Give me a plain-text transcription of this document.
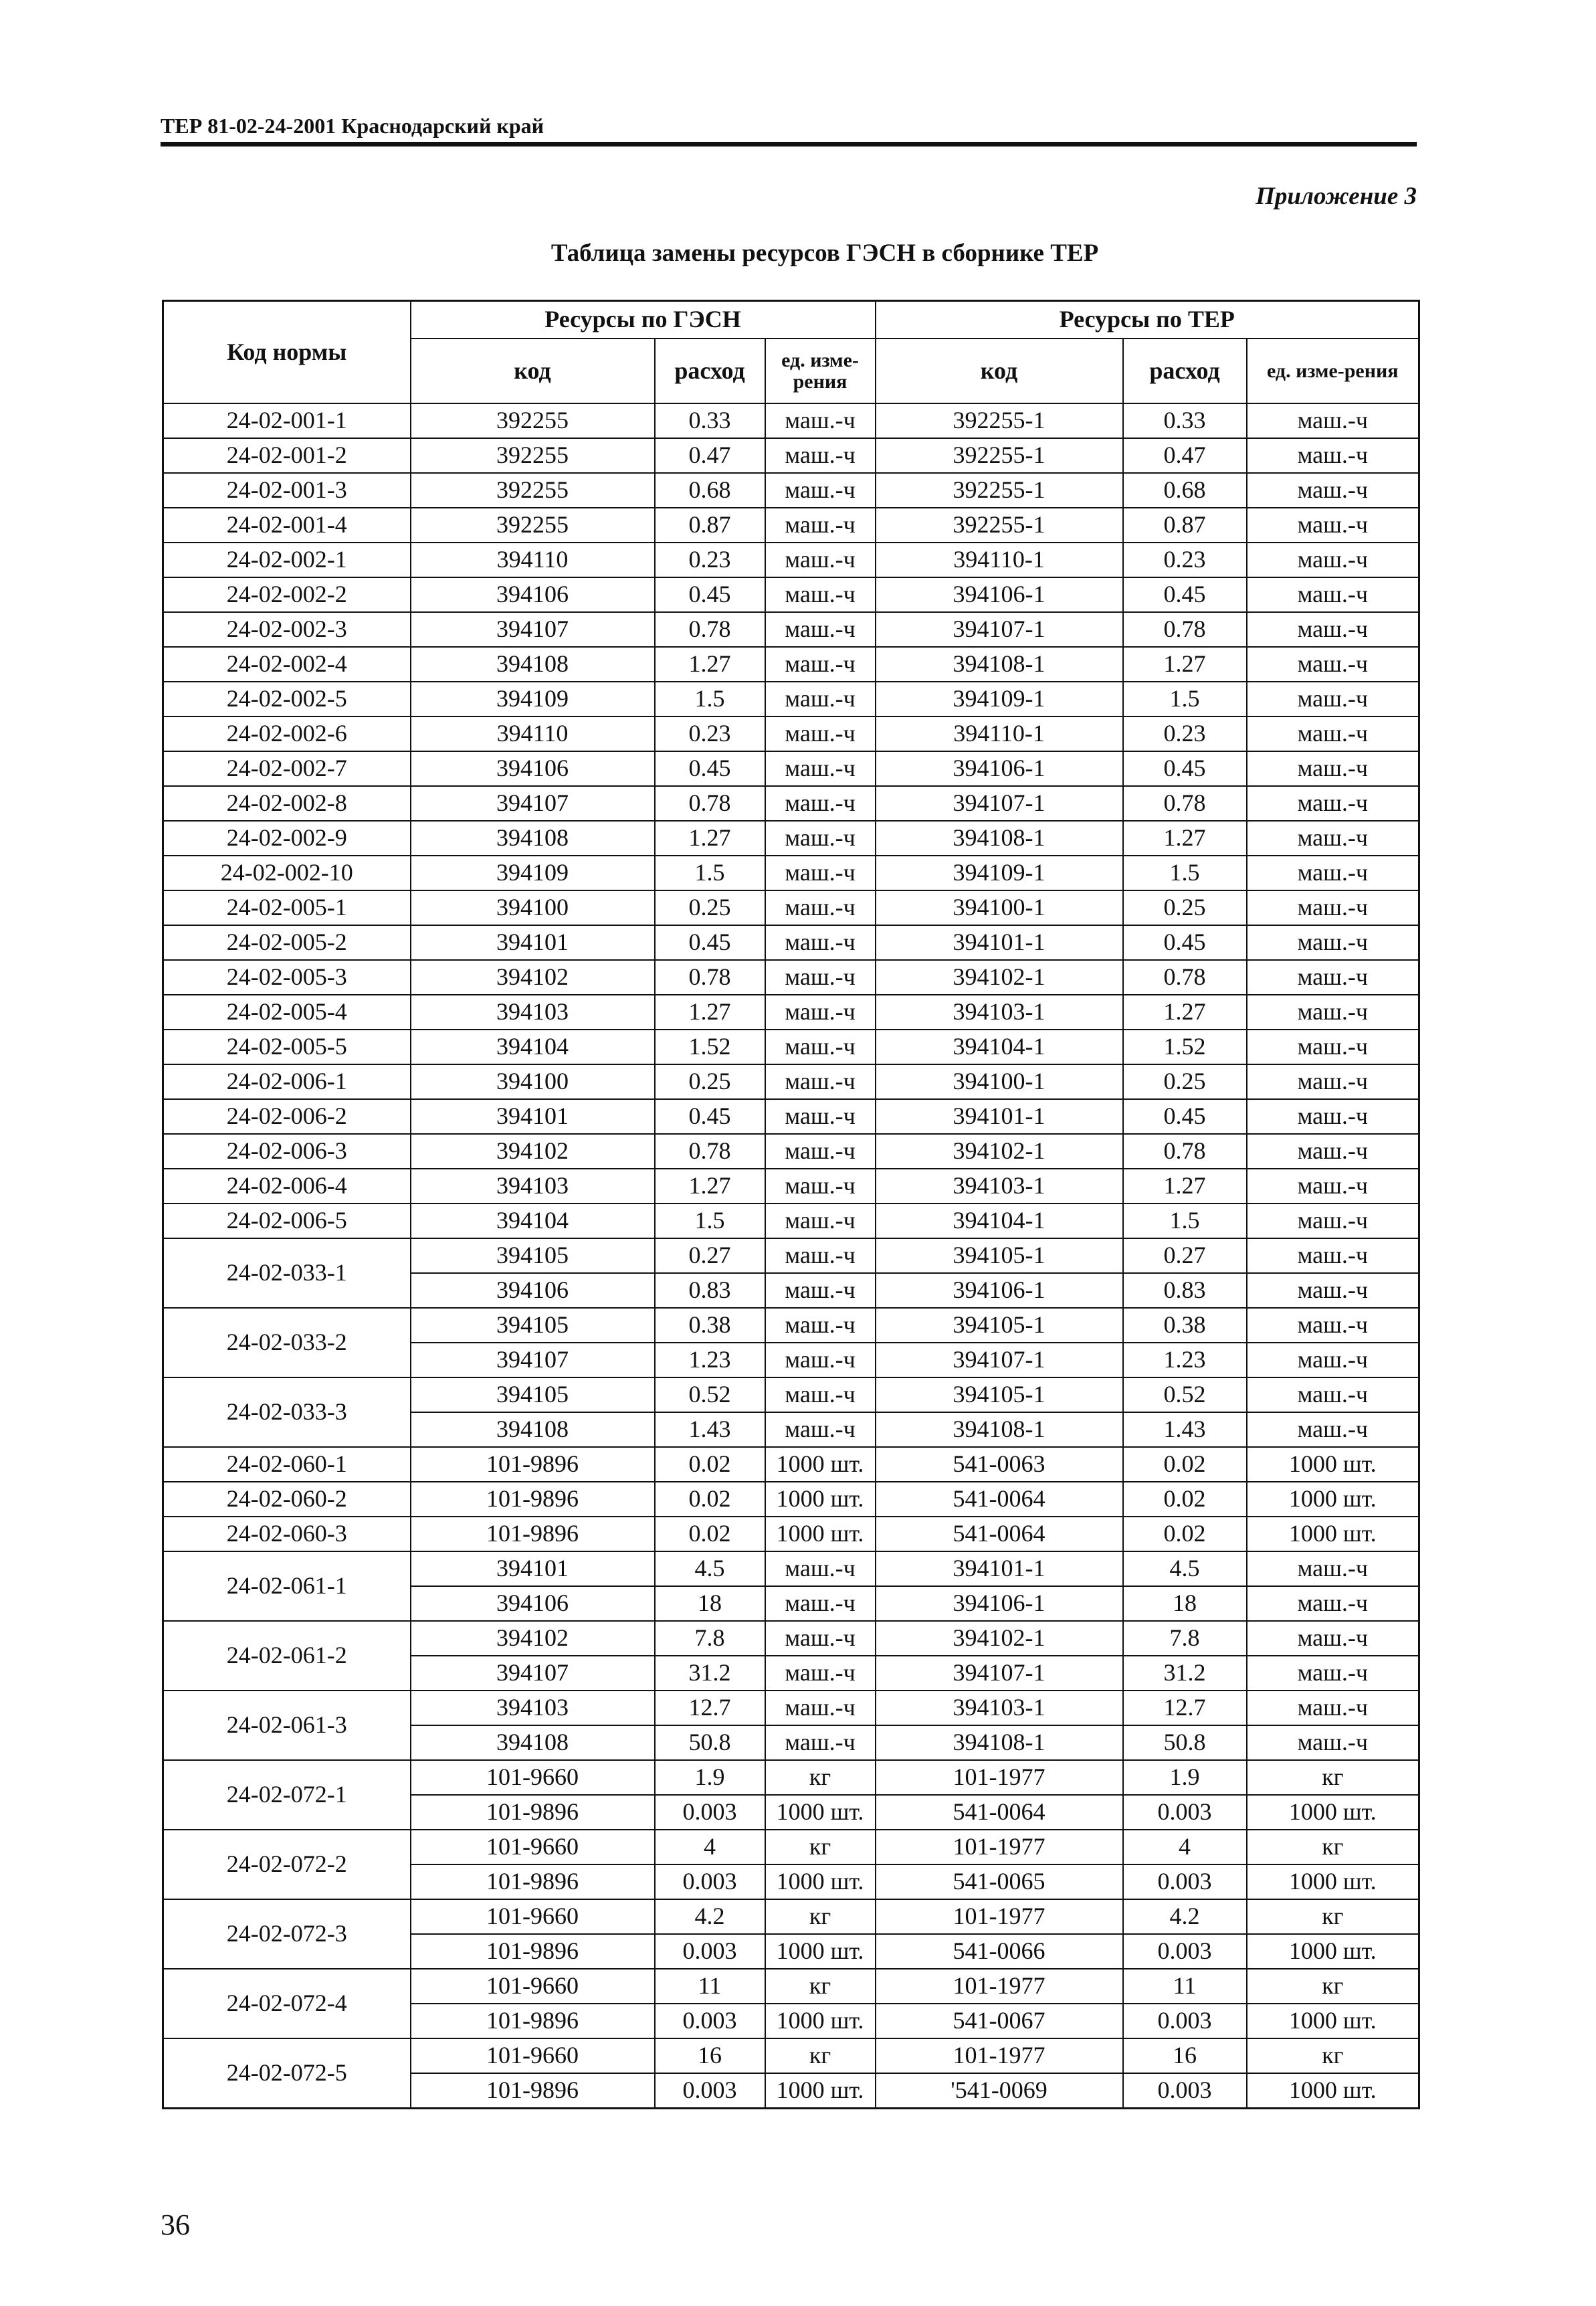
ТЕР 81-02-24-2001 Краснодарский край
Приложение 3
Таблица замены ресурсов ГЭСН в сборнике ТЕР
Код нормы	Ресурсы по ГЭСН			Ресурсы по ТЕР		
	код	расход	ед. изме-рения	код	расход	ед. изме-рения
24-02-001-1	392255	0.33	маш.-ч	392255-1	0.33	маш.-ч
24-02-001-2	392255	0.47	маш.-ч	392255-1	0.47	маш.-ч
24-02-001-3	392255	0.68	маш.-ч	392255-1	0.68	маш.-ч
24-02-001-4	392255	0.87	маш.-ч	392255-1	0.87	маш.-ч
24-02-002-1	394110	0.23	маш.-ч	394110-1	0.23	маш.-ч
24-02-002-2	394106	0.45	маш.-ч	394106-1	0.45	маш.-ч
24-02-002-3	394107	0.78	маш.-ч	394107-1	0.78	маш.-ч
24-02-002-4	394108	1.27	маш.-ч	394108-1	1.27	маш.-ч
24-02-002-5	394109	1.5	маш.-ч	394109-1	1.5	маш.-ч
24-02-002-6	394110	0.23	маш.-ч	394110-1	0.23	маш.-ч
24-02-002-7	394106	0.45	маш.-ч	394106-1	0.45	маш.-ч
24-02-002-8	394107	0.78	маш.-ч	394107-1	0.78	маш.-ч
24-02-002-9	394108	1.27	маш.-ч	394108-1	1.27	маш.-ч
24-02-002-10	394109	1.5	маш.-ч	394109-1	1.5	маш.-ч
24-02-005-1	394100	0.25	маш.-ч	394100-1	0.25	маш.-ч
24-02-005-2	394101	0.45	маш.-ч	394101-1	0.45	маш.-ч
24-02-005-3	394102	0.78	маш.-ч	394102-1	0.78	маш.-ч
24-02-005-4	394103	1.27	маш.-ч	394103-1	1.27	маш.-ч
24-02-005-5	394104	1.52	маш.-ч	394104-1	1.52	маш.-ч
24-02-006-1	394100	0.25	маш.-ч	394100-1	0.25	маш.-ч
24-02-006-2	394101	0.45	маш.-ч	394101-1	0.45	маш.-ч
24-02-006-3	394102	0.78	маш.-ч	394102-1	0.78	маш.-ч
24-02-006-4	394103	1.27	маш.-ч	394103-1	1.27	маш.-ч
24-02-006-5	394104	1.5	маш.-ч	394104-1	1.5	маш.-ч
24-02-033-1	394105	0.27	маш.-ч	394105-1	0.27	маш.-ч
	394106	0.83	маш.-ч	394106-1	0.83	маш.-ч
24-02-033-2	394105	0.38	маш.-ч	394105-1	0.38	маш.-ч
	394107	1.23	маш.-ч	394107-1	1.23	маш.-ч
24-02-033-3	394105	0.52	маш.-ч	394105-1	0.52	маш.-ч
	394108	1.43	маш.-ч	394108-1	1.43	маш.-ч
24-02-060-1	101-9896	0.02	1000 шт.	541-0063	0.02	1000 шт.
24-02-060-2	101-9896	0.02	1000 шт.	541-0064	0.02	1000 шт.
24-02-060-3	101-9896	0.02	1000 шт.	541-0064	0.02	1000 шт.
24-02-061-1	394101	4.5	маш.-ч	394101-1	4.5	маш.-ч
	394106	18	маш.-ч	394106-1	18	маш.-ч
24-02-061-2	394102	7.8	маш.-ч	394102-1	7.8	маш.-ч
	394107	31.2	маш.-ч	394107-1	31.2	маш.-ч
24-02-061-3	394103	12.7	маш.-ч	394103-1	12.7	маш.-ч
	394108	50.8	маш.-ч	394108-1	50.8	маш.-ч
24-02-072-1	101-9660	1.9	кг	101-1977	1.9	кг
	101-9896	0.003	1000 шт.	541-0064	0.003	1000 шт.
24-02-072-2	101-9660	4	кг	101-1977	4	кг
	101-9896	0.003	1000 шт.	541-0065	0.003	1000 шт.
24-02-072-3	101-9660	4.2	кг	101-1977	4.2	кг
	101-9896	0.003	1000 шт.	541-0066	0.003	1000 шт.
24-02-072-4	101-9660	11	кг	101-1977	11	кг
	101-9896	0.003	1000 шт.	541-0067	0.003	1000 шт.
24-02-072-5	101-9660	16	кг	101-1977	16	кг
	101-9896	0.003	1000 шт.	'541-0069	0.003	1000 шт.
36
